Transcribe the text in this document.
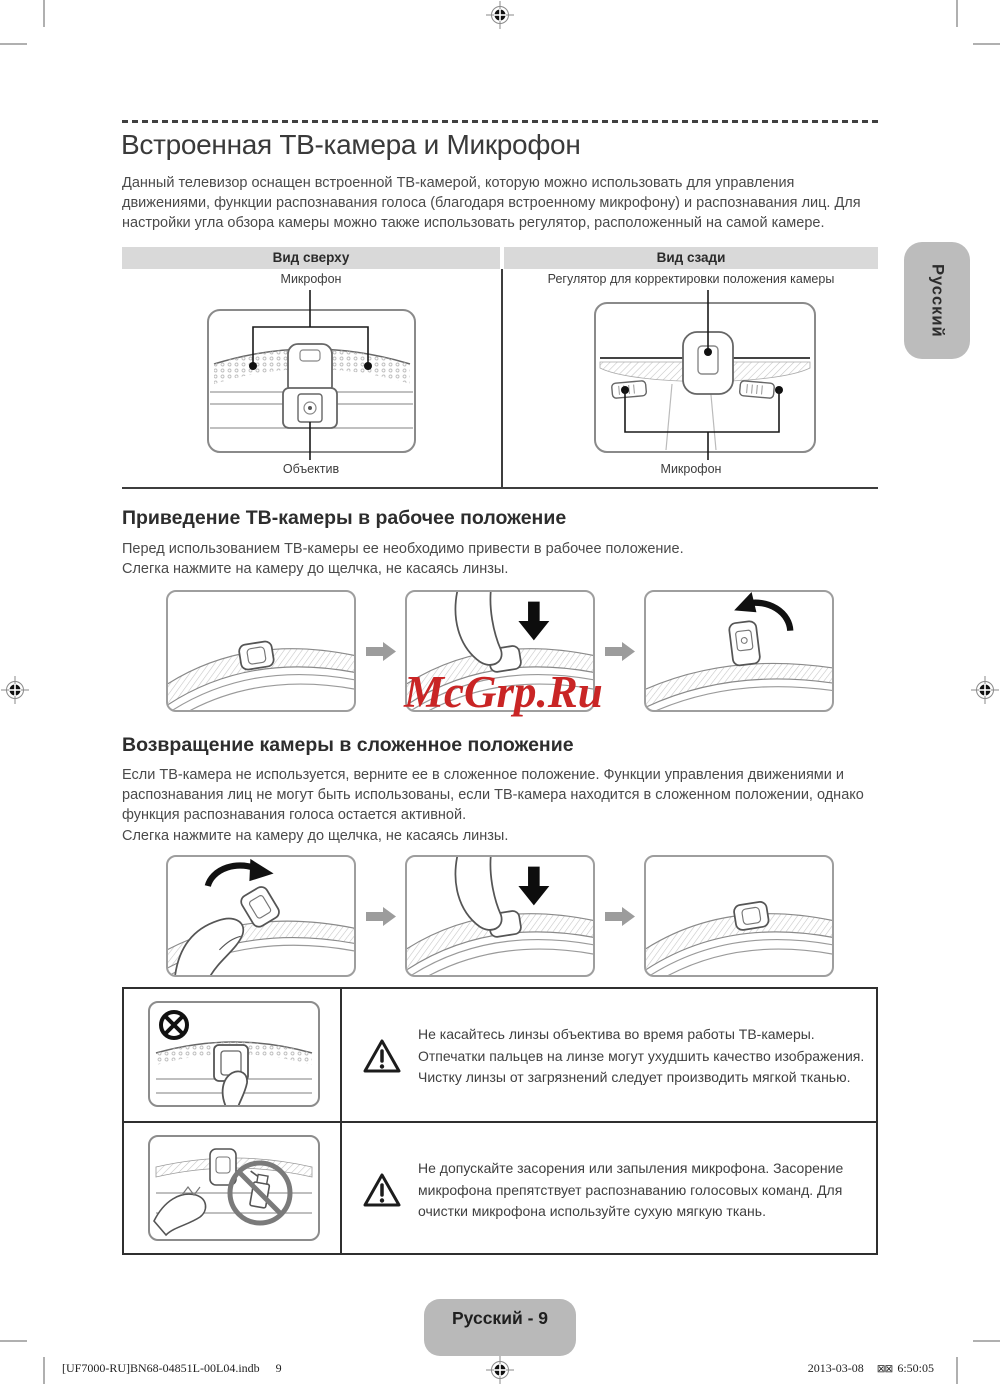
Встроенная ТВ-камера и Микрофон

Данный телевизор оснащен встроенной ТВ-камерой, которую можно использовать для управления движениями, функции распознавания голоса (благодаря встроенному микрофону) и распознавания лиц. Для настройки угла обзора камеры можно также использовать регулятор, расположенный на самой камере.

Вид сверху	Вид сзади
Микрофон	Регулятор для корректировки положения камеры
Объектив	Микрофон
Приведение ТВ-камеры в рабочее положение

Перед использованием ТВ-камеры ее необходимо привести в рабочее положение.

Слегка нажмите на камеру до щелчка, не касаясь линзы.

McGrp.Ru
Возвращение камеры в сложенное положение

Если ТВ-камера не используется, верните ее в сложенное положение. Функции управления движениями и распознавания лиц не могут быть использованы, если ТВ-камера находится в сложенном положении, однако функция распознавания голоса остается активной.

Слегка нажмите на камеру до щелчка, не касаясь линзы.

Не касайтесь линзы объектива во время работы ТВ-камеры. Отпечатки пальцев на линзе могут ухудшить качество изображения. Чистку линзы от загрязнений следует производить мягкой тканью.

Не допускайте засорения или запыления микрофона. Засорение микрофона препятствует распознаванию голосовых команд. Для очистки микрофона используйте сухую мягкую ткань.

Русский - 9
Русский
[UF7000-RU]BN68-04851L-00L04.indb 9	2013-03-08 ⊠⊠ 6:50:05
